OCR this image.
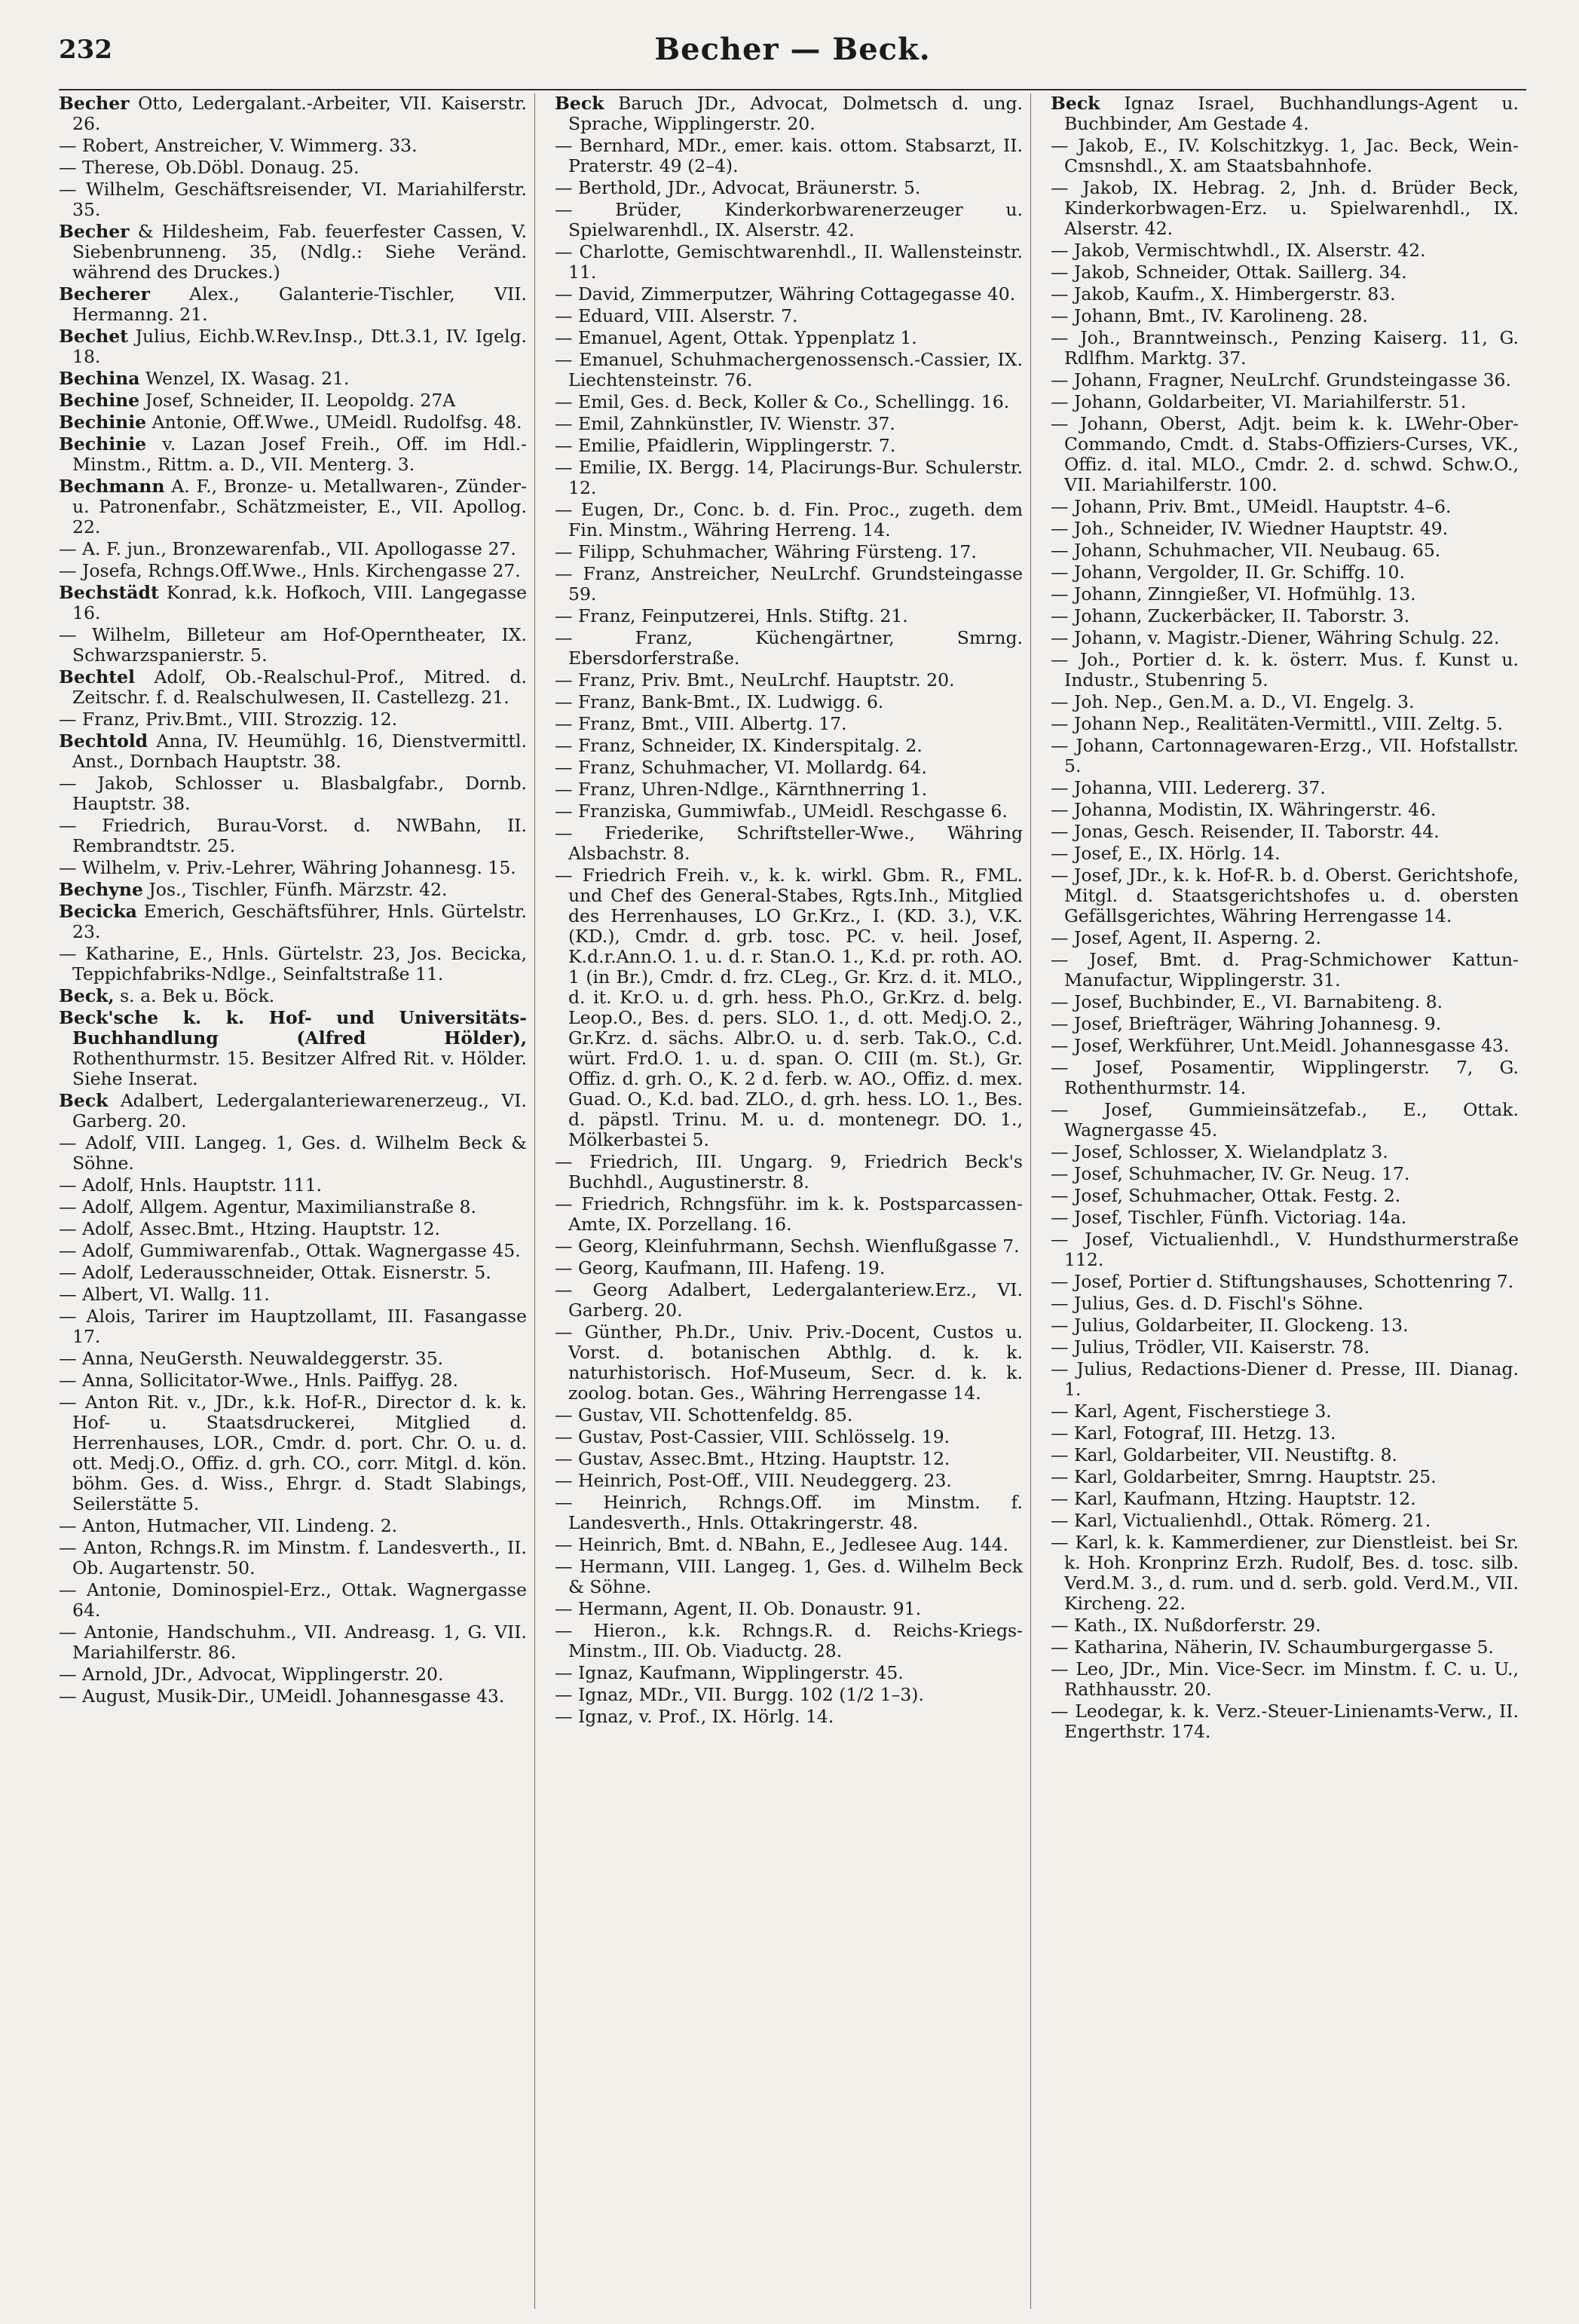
232	Becher — Beck.

Becher Otto, Ledergalant.-Arbeiter, VII. Kaiserstr. 26.

— Robert, Anstreicher, V. Wimmerg. 33.

— Therese, Ob.Döbl. Donaug. 25.

— Wilhelm, Geschäftsreisender, VI. Mariahilferstr. 35.

Becher & Hildesheim, Fab. feuerfester Cassen, V. Siebenbrunneng. 35, (Ndlg.: Siehe Veränd. während des Druckes.)

Becherer Alex., Galanterie-Tischler, VII. Hermanng. 21.

Bechet Julius, Eichb.W.Rev.Insp., Dtt.3.1, IV. Igelg. 18.

Bechina Wenzel, IX. Wasag. 21.

Bechine Josef, Schneider, II. Leopoldg. 27A

Bechinie Antonie, Off.Wwe., UMeidl. Rudolfsg. 48.

Bechinie v. Lazan Josef Freih., Off. im Hdl.-Minstm., Rittm. a. D., VII. Menterg. 3.

Bechmann A. F., Bronze- u. Metallwaren-, Zünder- u. Patronenfabr., Schätzmeister, E., VII. Apollog. 22.

— A. F. jun., Bronzewarenfab., VII. Apollogasse 27.

— Josefa, Rchngs.Off.Wwe., Hnls. Kirchengasse 27.

Bechstädt Konrad, k.k. Hofkoch, VIII. Langegasse 16.

— Wilhelm, Billeteur am Hof-Operntheater, IX. Schwarzspanierstr. 5.

Bechtel Adolf, Ob.-Realschul-Prof., Mitred. d. Zeitschr. f. d. Realschulwesen, II. Castellezg. 21.

— Franz, Priv.Bmt., VIII. Strozzig. 12.

Bechtold Anna, IV. Heumühlg. 16, Dienstvermittl. Anst., Dornbach Hauptstr. 38.

— Jakob, Schlosser u. Blasbalgfabr., Dornb. Hauptstr. 38.

— Friedrich, Burau-Vorst. d. NWBahn, II. Rembrandtstr. 25.

— Wilhelm, v. Priv.-Lehrer, Währing Johannesg. 15.

Bechyne Jos., Tischler, Fünfh. Märzstr. 42.

Becicka Emerich, Geschäftsführer, Hnls. Gürtelstr. 23.

— Katharine, E., Hnls. Gürtelstr. 23, Jos. Becicka, Teppichfabriks-Ndlge., Seinfaltstraße 11.

Beck, s. a. Bek u. Böck.

Beck'sche k. k. Hof- und Universitäts-Buchhandlung (Alfred Hölder), Rothenthurmstr. 15. Besitzer Alfred Rit. v. Hölder. Siehe Inserat.

Beck Adalbert, Ledergalanteriewarenerzeug., VI. Garberg. 20.

— Adolf, VIII. Langeg. 1, Ges. d. Wilhelm Beck & Söhne.

— Adolf, Hnls. Hauptstr. 111.

— Adolf, Allgem. Agentur, Maximilianstraße 8.

— Adolf, Assec.Bmt., Htzing. Hauptstr. 12.

— Adolf, Gummiwarenfab., Ottak. Wagnergasse 45.

— Adolf, Lederausschneider, Ottak. Eisnerstr. 5.

— Albert, VI. Wallg. 11.

— Alois, Tarirer im Hauptzollamt, III. Fasangasse 17.

— Anna, NeuGersth. Neuwaldeggerstr. 35.

— Anna, Sollicitator-Wwe., Hnls. Paiffyg. 28.

— Anton Rit. v., JDr., k.k. Hof-R., Director d. k. k. Hof- u. Staatsdruckerei, Mitglied d. Herrenhauses, LOR., Cmdr. d. port. Chr. O. u. d. ott. Medj.O., Offiz. d. grh. CO., corr. Mitgl. d. kön. böhm. Ges. d. Wiss., Ehrgr. d. Stadt Slabings, Seilerstätte 5.

— Anton, Hutmacher, VII. Lindeng. 2.

— Anton, Rchngs.R. im Minstm. f. Landesverth., II. Ob. Augartenstr. 50.

— Antonie, Dominospiel-Erz., Ottak. Wagnergasse 64.

— Antonie, Handschuhm., VII. Andreasg. 1, G. VII. Mariahilferstr. 86.

— Arnold, JDr., Advocat, Wipplingerstr. 20.

— August, Musik-Dir., UMeidl. Johannesgasse 43.

Beck Baruch JDr., Advocat, Dolmetsch d. ung. Sprache, Wipplingerstr. 20.

— Bernhard, MDr., emer. kais. ottom. Stabsarzt, II. Praterstr. 49 (2–4).

— Berthold, JDr., Advocat, Bräunerstr. 5.

— Brüder, Kinderkorbwarenerzeuger u. Spielwarenhdl., IX. Alserstr. 42.

— Charlotte, Gemischtwarenhdl., II. Wallensteinstr. 11.

— David, Zimmerputzer, Währing Cottagegasse 40.

— Eduard, VIII. Alserstr. 7.

— Emanuel, Agent, Ottak. Yppenplatz 1.

— Emanuel, Schuhmachergenossensch.-Cassier, IX. Liechtensteinstr. 76.

— Emil, Ges. d. Beck, Koller & Co., Schellingg. 16.

— Emil, Zahnkünstler, IV. Wienstr. 37.

— Emilie, Pfaidlerin, Wipplingerstr. 7.

— Emilie, IX. Bergg. 14, Placirungs-Bur. Schulerstr. 12.

— Eugen, Dr., Conc. b. d. Fin. Proc., zugeth. dem Fin. Minstm., Währing Herreng. 14.

— Filipp, Schuhmacher, Währing Fürsteng. 17.

— Franz, Anstreicher, NeuLrchf. Grundsteingasse 59.

— Franz, Feinputzerei, Hnls. Stiftg. 21.

— Franz, Küchengärtner, Smrng. Ebersdorferstraße.

— Franz, Priv. Bmt., NeuLrchf. Hauptstr. 20.

— Franz, Bank-Bmt., IX. Ludwigg. 6.

— Franz, Bmt., VIII. Albertg. 17.

— Franz, Schneider, IX. Kinderspitalg. 2.

— Franz, Schuhmacher, VI. Mollardg. 64.

— Franz, Uhren-Ndlge., Kärnthnerring 1.

— Franziska, Gummiwfab., UMeidl. Reschgasse 6.

— Friederike, Schriftsteller-Wwe., Währing Alsbachstr. 8.

— Friedrich Freih. v., k. k. wirkl. Gbm. R., FML. und Chef des General-Stabes, Rgts.Inh., Mitglied des Herrenhauses, LO Gr.Krz., I. (KD. 3.), V.K. (KD.), Cmdr. d. grb. tosc. PC. v. heil. Josef, K.d.r.Ann.O. 1. u. d. r. Stan.O. 1., K.d. pr. roth. AO. 1 (in Br.), Cmdr. d. frz. CLeg., Gr. Krz. d. it. MLO., d. it. Kr.O. u. d. grh. hess. Ph.O., Gr.Krz. d. belg. Leop.O., Bes. d. pers. SLO. 1., d. ott. Medj.O. 2., Gr.Krz. d. sächs. Albr.O. u. d. serb. Tak.O., C.d. würt. Frd.O. 1. u. d. span. O. CIII (m. St.), Gr. Offiz. d. grh. O., K. 2 d. ferb. w. AO., Offiz. d. mex. Guad. O., K.d. bad. ZLO., d. grh. hess. LO. 1., Bes. d. päpstl. Trinu. M. u. d. montenegr. DO. 1., Mölkerbastei 5.

— Friedrich, III. Ungarg. 9, Friedrich Beck's Buchhdl., Augustinerstr. 8.

— Friedrich, Rchngsführ. im k. k. Postsparcassen-Amte, IX. Porzellang. 16.

— Georg, Kleinfuhrmann, Sechsh. Wienflußgasse 7.

— Georg, Kaufmann, III. Hafeng. 19.

— Georg Adalbert, Ledergalanteriew.Erz., VI. Garberg. 20.

— Günther, Ph.Dr., Univ. Priv.-Docent, Custos u. Vorst. d. botanischen Abthlg. d. k. k. naturhistorisch. Hof-Museum, Secr. d. k. k. zoolog. botan. Ges., Währing Herrengasse 14.

— Gustav, VII. Schottenfeldg. 85.

— Gustav, Post-Cassier, VIII. Schlösselg. 19.

— Gustav, Assec.Bmt., Htzing. Hauptstr. 12.

— Heinrich, Post-Off., VIII. Neudeggerg. 23.

— Heinrich, Rchngs.Off. im Minstm. f. Landesverth., Hnls. Ottakringerstr. 48.

— Heinrich, Bmt. d. NBahn, E., Jedlesee Aug. 144.

— Hermann, VIII. Langeg. 1, Ges. d. Wilhelm Beck & Söhne.

— Hermann, Agent, II. Ob. Donaustr. 91.

— Hieron., k.k. Rchngs.R. d. Reichs-Kriegs-Minstm., III. Ob. Viaductg. 28.

— Ignaz, Kaufmann, Wipplingerstr. 45.

— Ignaz, MDr., VII. Burgg. 102 (1/2 1–3).

— Ignaz, v. Prof., IX. Hörlg. 14.

Beck Ignaz Israel, Buchhandlungs-Agent u. Buchbinder, Am Gestade 4.

— Jakob, E., IV. Kolschitzkyg. 1, Jac. Beck, Wein-Cmsnshdl., X. am Staatsbahnhofe.

— Jakob, IX. Hebrag. 2, Jnh. d. Brüder Beck, Kinderkorbwagen-Erz. u. Spielwarenhdl., IX. Alserstr. 42.

— Jakob, Vermischtwhdl., IX. Alserstr. 42.

— Jakob, Schneider, Ottak. Saillerg. 34.

— Jakob, Kaufm., X. Himbergerstr. 83.

— Johann, Bmt., IV. Karolineng. 28.

— Joh., Branntweinsch., Penzing Kaiserg. 11, G. Rdlfhm. Marktg. 37.

— Johann, Fragner, NeuLrchf. Grundsteingasse 36.

— Johann, Goldarbeiter, VI. Mariahilferstr. 51.

— Johann, Oberst, Adjt. beim k. k. LWehr-Ober-Commando, Cmdt. d. Stabs-Offiziers-Curses, VK., Offiz. d. ital. MLO., Cmdr. 2. d. schwd. Schw.O., VII. Mariahilferstr. 100.

— Johann, Priv. Bmt., UMeidl. Hauptstr. 4–6.

— Joh., Schneider, IV. Wiedner Hauptstr. 49.

— Johann, Schuhmacher, VII. Neubaug. 65.

— Johann, Vergolder, II. Gr. Schiffg. 10.

— Johann, Zinngießer, VI. Hofmühlg. 13.

— Johann, Zuckerbäcker, II. Taborstr. 3.

— Johann, v. Magistr.-Diener, Währing Schulg. 22.

— Joh., Portier d. k. k. österr. Mus. f. Kunst u. Industr., Stubenring 5.

— Joh. Nep., Gen.M. a. D., VI. Engelg. 3.

— Johann Nep., Realitäten-Vermittl., VIII. Zeltg. 5.

— Johann, Cartonnagewaren-Erzg., VII. Hofstallstr. 5.

— Johanna, VIII. Ledererg. 37.

— Johanna, Modistin, IX. Währingerstr. 46.

— Jonas, Gesch. Reisender, II. Taborstr. 44.

— Josef, E., IX. Hörlg. 14.

— Josef, JDr., k. k. Hof-R. b. d. Oberst. Gerichtshofe, Mitgl. d. Staatsgerichtshofes u. d. obersten Gefällsgerichtes, Währing Herrengasse 14.

— Josef, Agent, II. Asperng. 2.

— Josef, Bmt. d. Prag-Schmichower Kattun-Manufactur, Wipplingerstr. 31.

— Josef, Buchbinder, E., VI. Barnabiteng. 8.

— Josef, Briefträger, Währing Johannesg. 9.

— Josef, Werkführer, Unt.Meidl. Johannesgasse 43.

— Josef, Posamentir, Wipplingerstr. 7, G. Rothenthurmstr. 14.

— Josef, Gummieinsätzefab., E., Ottak. Wagnergasse 45.

— Josef, Schlosser, X. Wielandplatz 3.

— Josef, Schuhmacher, IV. Gr. Neug. 17.

— Josef, Schuhmacher, Ottak. Festg. 2.

— Josef, Tischler, Fünfh. Victoriag. 14a.

— Josef, Victualienhdl., V. Hundsthurmerstraße 112.

— Josef, Portier d. Stiftungshauses, Schottenring 7.

— Julius, Ges. d. D. Fischl's Söhne.

— Julius, Goldarbeiter, II. Glockeng. 13.

— Julius, Trödler, VII. Kaiserstr. 78.

— Julius, Redactions-Diener d. Presse, III. Dianag. 1.

— Karl, Agent, Fischerstiege 3.

— Karl, Fotograf, III. Hetzg. 13.

— Karl, Goldarbeiter, VII. Neustiftg. 8.

— Karl, Goldarbeiter, Smrng. Hauptstr. 25.

— Karl, Kaufmann, Htzing. Hauptstr. 12.

— Karl, Victualienhdl., Ottak. Römerg. 21.

— Karl, k. k. Kammerdiener, zur Dienstleist. bei Sr. k. Hoh. Kronprinz Erzh. Rudolf, Bes. d. tosc. silb. Verd.M. 3., d. rum. und d. serb. gold. Verd.M., VII. Kircheng. 22.

— Kath., IX. Nußdorferstr. 29.

— Katharina, Näherin, IV. Schaumburgergasse 5.

— Leo, JDr., Min. Vice-Secr. im Minstm. f. C. u. U., Rathhausstr. 20.

— Leodegar, k. k. Verz.-Steuer-Linienamts-Verw., II. Engerthstr. 174.
